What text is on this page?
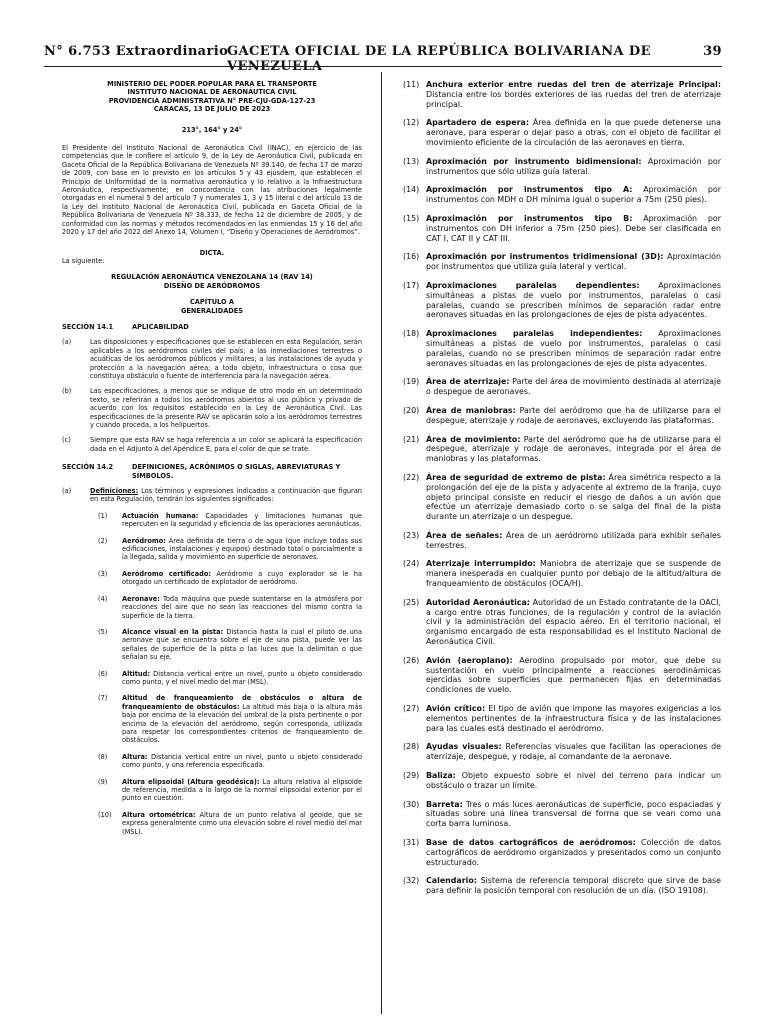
N° 6.753 Extraordinario
GACETA OFICIAL DE LA REPÚBLICA BOLIVARIANA DE VENEZUELA
39
MINISTERIO DEL PODER POPULAR PARA EL TRANSPORTE
INSTITUTO NACIONAL DE AERONÁUTICA CIVIL
PROVIDENCIA ADMINISTRATIVA N° PRE-CJU-GDA-127-23
CARACAS, 13 DE JULIO DE 2023
213°, 164° y 24°

El Presidente del Instituto Nacional de Aeronáutica Civil (INAC), en ejercicio de las competencias que le confiere el artículo 9, de la Ley de Aeronáutica Civil, publicada en Gaceta Oficial de la República Bolivariana de Venezuela Nº 39.140, de fecha 17 de marzo de 2009, con base en lo previsto en los artículos 5 y 43 ejusdem, que establecen el Principio de Uniformidad de la normativa aeronáutica y lo relativo a la Infraestructura Aeronáutica, respectivamente; en concordancia con las atribuciones legalmente otorgadas en el numeral 5 del artículo 7 y numerales 1, 3 y 15 literal c del artículo 13 de la Ley del Instituto Nacional de Aeronáutica Civil, publicada en Gaceta Oficial de la República Bolivariana de Venezuela Nº 38.333, de fecha 12 de diciembre de 2005, y de conformidad con las normas y métodos recomendados en las enmiendas 15 y 16 del año 2020 y 17 del año 2022 del Anexo 14, Volumen I, “Diseño y Operaciones de Aeródromos”.

DICTA.
La siguiente:
REGULACIÓN AERONÁUTICA VENEZOLANA 14 (RAV 14)
DISEÑO DE AERÓDROMOS
CAPÍTULO A
GENERALIDADES
SECCIÓN 14.1	APLICABILIDAD
(a)	Las disposiciones y especificaciones que se establecen en esta Regulación, serán aplicables a los aeródromos civiles del país; a las inmediaciones terrestres o acuáticas de los aeródromos públicos y militares; a las instalaciones de ayuda y protección a la navegación aérea; a todo objeto, infraestructura o cosa que constituya obstáculo o fuente de interferencia para la navegación aérea.
(b)	Las especificaciones, a menos que se indique de otro modo en un determinado texto, se referirán a todos los aeródromos abiertos al uso público y privado de acuerdo con los requisitos establecido en la Ley de Aeronáutica Civil. Las especificaciones de la presente RAV se aplicarán solo a los aeródromos terrestres y cuando proceda, a los helipuertos.
(c)	Siempre que esta RAV se haga referencia a un color se aplicará la especificación dada en el Adjunto A del Apéndice E, para el color de que se trate.
SECCIÓN 14.2	DEFINICIONES, ACRÓNIMOS O SIGLAS, ABREVIATURAS Y SÍMBOLOS.
(a)	Definiciones: Los términos y expresiones indicados a continuación que figuran en esta Regulación, tendrán los siguientes significados:
(1)	Actuación humana: Capacidades y limitaciones humanas que repercuten en la seguridad y eficiencia de las operaciones aeronáuticas.
(2)	Aeródromo: Área definida de tierra o de agua (que incluye todas sus edificaciones, instalaciones y equipos) destinado total o parcialmente a la llegada, salida y movimiento en superficie de aeronaves.
(3)	Aeródromo certificado: Aeródromo a cuyo explorador se le ha otorgado un certificado de explotador de aeródromo.
(4)	Aeronave: Toda máquina que puede sustentarse en la atmósfera por reacciones del aire que no sean las reacciones del mismo contra la superficie de la tierra.
(5)	Alcance visual en la pista: Distancia hasta la cual el piloto de una aeronave que se encuentra sobre el eje de una pista, puede ver las señales de superficie de la pista o las luces que la delimitan o que señalan su eje.
(6)	Altitud: Distancia vertical entre un nivel, punto u objeto considerado como punto, y el nivel medio del mar (MSL).
(7)	Altitud de franqueamiento de obstáculos o altura de franqueamiento de obstáculos: La altitud más baja o la altura más baja por encima de la elevación del umbral de la pista pertinente o por encima de la elevación del aeródromo, según corresponda, utilizada para respetar los correspondientes criterios de franqueamiento de obstáculos.
(8)	Altura: Distancia vertical entre un nivel, punto u objeto considerado como punto, y una referencia especificada.
(9)	Altura elipsoidal (Altura geodésica): La altura relativa al elipsoide de referencia, medida a lo largo de la normal elipsoidal exterior por el punto en cuestión.
(10)	Altura ortométrica: Altura de un punto relativa al geoide, que se expresa generalmente como una elevación sobre el nivel medio del mar (MSL).
(11) Anchura exterior entre ruedas del tren de aterrizaje Principal: Distancia entre los bordes exteriores de las ruedas del tren de aterrizaje principal.
(12) Apartadero de espera: Área definida en la que puede detenerse una aeronave, para esperar o dejar paso a otras, con el objeto de facilitar el movimiento eficiente de la circulación de las aeronaves en tierra.
(13) Aproximación por instrumento bidimensional: Aproximación por instrumentos que sólo utiliza guía lateral.
(14) Aproximación por instrumentos tipo A: Aproximación por instrumentos con MDH o DH mínima igual o superior a 75m (250 pies).
(15) Aproximación por instrumentos tipo B: Aproximación por instrumentos con DH inferior a 75m (250 pies). Debe ser clasificada en CAT I, CAT II y CAT III.
(16) Aproximación por instrumentos tridimensional (3D): Aproximación por instrumentos que utiliza guía lateral y vertical.
(17) Aproximaciones paralelas dependientes: Aproximaciones simultáneas a pistas de vuelo por instrumentos, paralelas o casi paralelas, cuando se prescriben mínimos de separación radar entre aeronaves situadas en las prolongaciones de ejes de pista adyacentes.
(18) Aproximaciones paralelas independientes: Aproximaciones simultáneas a pistas de vuelo por instrumentos, paralelas o casi paralelas, cuando no se prescriben mínimos de separación radar entre aeronaves situadas en las prolongaciones de ejes de pista adyacentes.
(19) Área de aterrizaje: Parte del área de movimiento destinada al aterrizaje o despegue de aeronaves.
(20) Área de maniobras: Parte del aeródromo que ha de utilizarse para el despegue, aterrizaje y rodaje de aeronaves, excluyendo las plataformas.
(21) Área de movimiento: Parte del aeródromo que ha de utilizarse para el despegue, aterrizaje y rodaje de aeronaves, integrada por el área de maniobras y las plataformas.
(22) Área de seguridad de extremo de pista: Área simétrica respecto a la prolongación del eje de la pista y adyacente al extremo de la franja, cuyo objeto principal consiste en reducir el riesgo de daños a un avión que efectúe un aterrizaje demasiado corto o se salga del final de la pista durante un aterrizaje o un despegue.
(23) Área de señales: Área de un aeródromo utilizada para exhibir señales terrestres.
(24) Aterrizaje interrumpido: Maniobra de aterrizaje que se suspende de manera inesperada en cualquier punto por debajo de la altitud/altura de franqueamiento de obstáculos (OCA/H).
(25) Autoridad Aeronáutica: Autoridad de un Estado contratante de la OACI, a cargo entre otras funciones, de la regulación y control de la aviación civil y la administración del espacio aéreo. En el territorio nacional, el organismo encargado de esta responsabilidad es el Instituto Nacional de Aeronáutica Civil.
(26) Avión (aeroplano): Aerodino propulsado por motor, que debe su sustentación en vuelo principalmente a reacciones aerodinámicas ejercidas sobre superficies que permanecen fijas en determinadas condiciones de vuelo.
(27) Avión crítico: El tipo de avión que impone las mayores exigencias a los elementos pertinentes de la infraestructura física y de las instalaciones para las cuales está destinado el aeródromo.
(28) Ayudas visuales: Referencias visuales que facilitan las operaciones de aterrizaje, despegue, y rodaje, al comandante de la aeronave.
(29) Baliza: Objeto expuesto sobre el nivel del terreno para indicar un obstáculo o trazar un límite.
(30) Barreta: Tres o más luces aeronáuticas de superficie, poco espaciadas y situadas sobre una línea transversal de forma que se vean como una corta barra luminosa.
(31) Base de datos cartográficos de aeródromos: Colección de datos cartográficos de aeródromo organizados y presentados como un conjunto estructurado.
(32) Calendario: Sistema de referencia temporal discreto que sirve de base para definir la posición temporal con resolución de un día. (ISO 19108).
